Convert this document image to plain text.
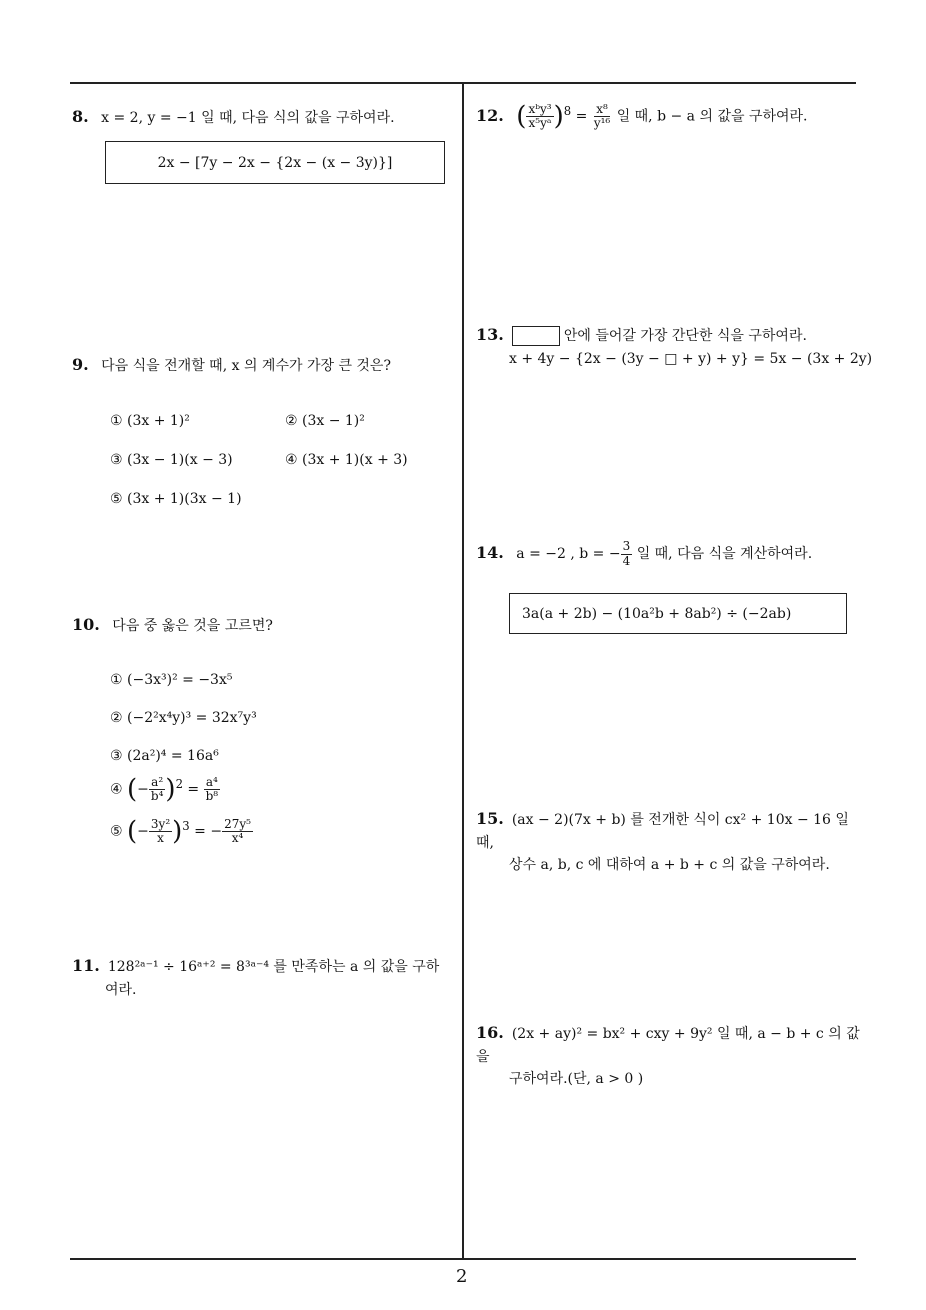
8. x = 2, y = −1 일 때, 다음 식의 값을 구하여라.
2x − [7y − 2x − {2x − (x − 3y)}]
9. 다음 식을 전개할 때, x 의 계수가 가장 큰 것은?
① (3x + 1)²	② (3x − 1)²
③ (3x − 1)(x − 3)	④ (3x + 1)(x + 3)
⑤ (3x + 1)(3x − 1)
10. 다음 중 옳은 것을 고르면?
① (−3x³)² = −3x⁵
② (−2²x⁴y)³ = 32x⁷y³
③ (2a²)⁴ = 16a⁶
④ (− $\frac{\text{a²}}{\text{b⁴}} )^2 = \frac{\text{a⁴}}{\text{b⁸}}$
⑤ (− $\frac{\text{3y²}}{x} )^3$ = − $\frac{\text{27y⁵}}{\text{x⁴}}$
11. 128²ᵃ⁻¹ ÷ 16ᵃ⁺² = 8³ᵃ⁻⁴ 를 만족하는 a 의 값을 구하
여라.
12. ( $\frac{\text{xᵇy³}}{\text{x⁵yᵃ}} )^8 = \frac{\text{x⁸}}{\text{y¹⁶}}$ 일 때, b − a 의 값을 구하여라.
13.	안에 들어갈 가장 간단한 식을 구하여라.
x + 4y − {2x − (3y − □ + y) + y} = 5x − (3x + 2y)
14. a = −2 , b = − $\frac{3}{4}$ 일 때, 다음 식을 계산하여라.
3a(a + 2b) − (10a²b + 8ab²) ÷ (−2ab)
15. (ax − 2)(7x + b) 를 전개한 식이 cx² + 10x − 16 일 때,
상수 a, b, c 에 대하여 a + b + c 의 값을 구하여라.
16. (2x + ay)² = bx² + cxy + 9y² 일 때, a − b + c 의 값을
구하여라.(단, a > 0 )
2
